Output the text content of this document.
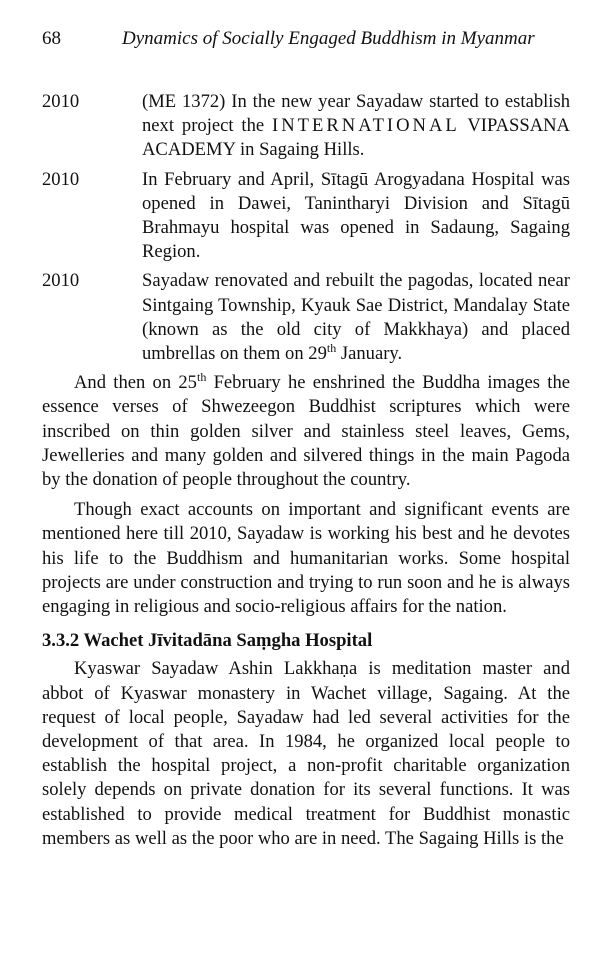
68	Dynamics of Socially Engaged Buddhism in Myanmar
2010	(ME 1372) In the new year Sayadaw started to establish next project the INTERNATIONAL VIPASSANA ACADEMY in Sagaing Hills.
2010	In February and April, Sītagū Arogyadana Hospital was opened in Dawei, Tanintharyi Division and Sītagū Brahmayu hospital was opened in Sadaung, Sagaing Region.
2010	Sayadaw renovated and rebuilt the pagodas, located near Sintgaing Township, Kyauk Sae District, Mandalay State (known as the old city of Makkhaya) and placed umbrellas on them on 29th January.

And then on 25th February he enshrined the Buddha images the essence verses of Shwezeegon Buddhist scriptures which were inscribed on thin golden silver and stainless steel leaves, Gems, Jewelleries and many golden and silvered things in the main Pagoda by the donation of people throughout the country.

Though exact accounts on important and significant events are mentioned here till 2010, Sayadaw is working his best and he devotes his life to the Buddhism and humanitarian works. Some hospital projects are under construction and trying to run soon and he is always engaging in religious and socio-religious affairs for the nation.

3.3.2 Wachet Jīvitadāna Saṃgha Hospital

Kyaswar Sayadaw Ashin Lakkhaṇa is meditation master and abbot of Kyaswar monastery in Wachet village, Sagaing. At the request of local people, Sayadaw had led several activities for the development of that area. In 1984, he organized local people to establish the hospital project, a non-profit charitable organization solely depends on private donation for its several functions. It was established to provide medical treatment for Buddhist monastic members as well as the poor who are in need. The Sagaing Hills is the
